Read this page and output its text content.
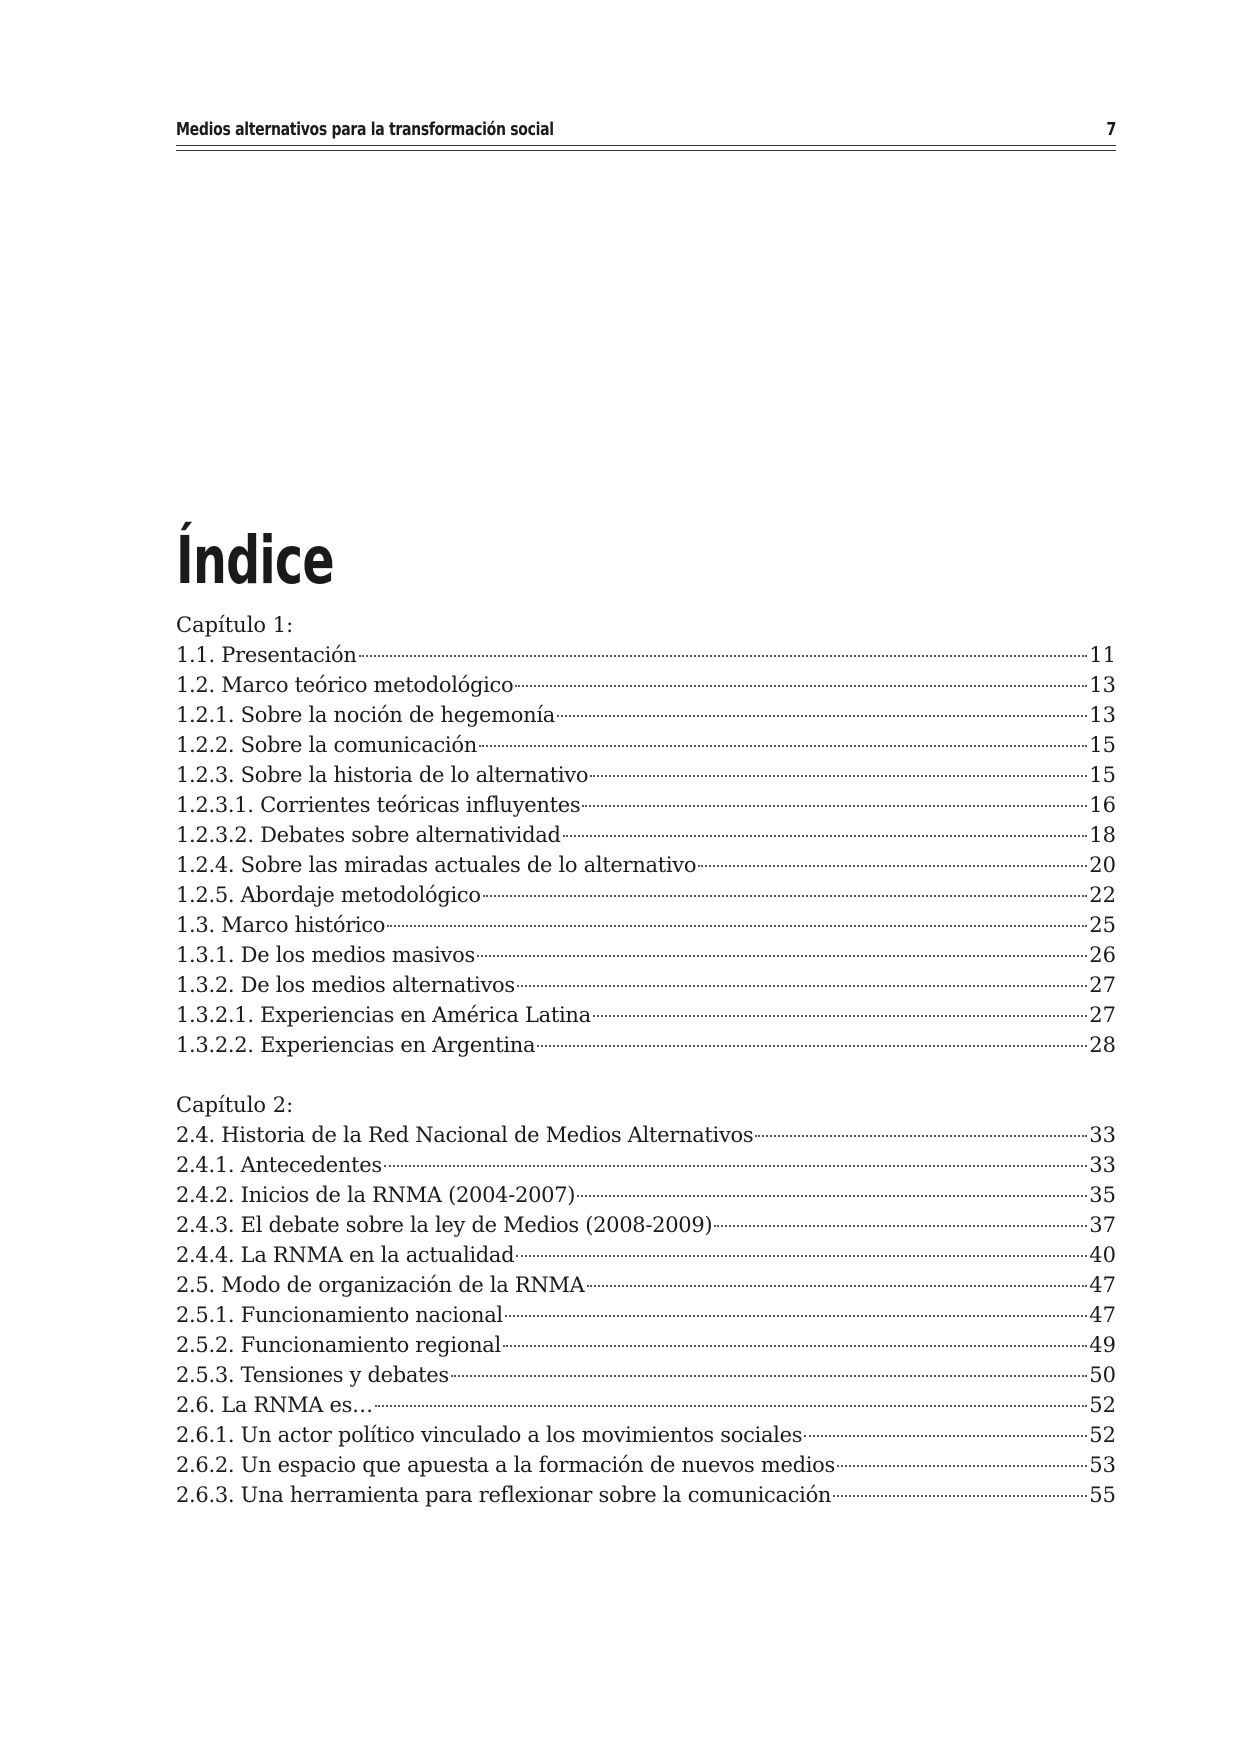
Medios alternativos para la transformación social	7
Índice
Capítulo 1:
1.1. Presentación	11
1.2. Marco teórico metodológico	13
1.2.1. Sobre la noción de hegemonía	13
1.2.2. Sobre la comunicación	15
1.2.3. Sobre la historia de lo alternativo	15
1.2.3.1. Corrientes teóricas influyentes	16
1.2.3.2. Debates sobre alternatividad	18
1.2.4. Sobre las miradas actuales de lo alternativo	20
1.2.5. Abordaje metodológico	22
1.3. Marco histórico	25
1.3.1. De los medios masivos	26
1.3.2. De los medios alternativos	27
1.3.2.1. Experiencias en América Latina	27
1.3.2.2. Experiencias en Argentina	28
Capítulo 2:
2.4. Historia de la Red Nacional de Medios Alternativos	33
2.4.1. Antecedentes	33
2.4.2. Inicios de la RNMA (2004-2007)	35
2.4.3. El debate sobre la ley de Medios (2008-2009)	37
2.4.4. La RNMA en la actualidad	40
2.5. Modo de organización de la RNMA	47
2.5.1. Funcionamiento nacional	47
2.5.2. Funcionamiento regional	49
2.5.3. Tensiones y debates	50
2.6. La RNMA es…	52
2.6.1. Un actor político vinculado a los movimientos sociales	52
2.6.2. Un espacio que apuesta a la formación de nuevos medios	53
2.6.3. Una herramienta para reflexionar sobre la comunicación	55
